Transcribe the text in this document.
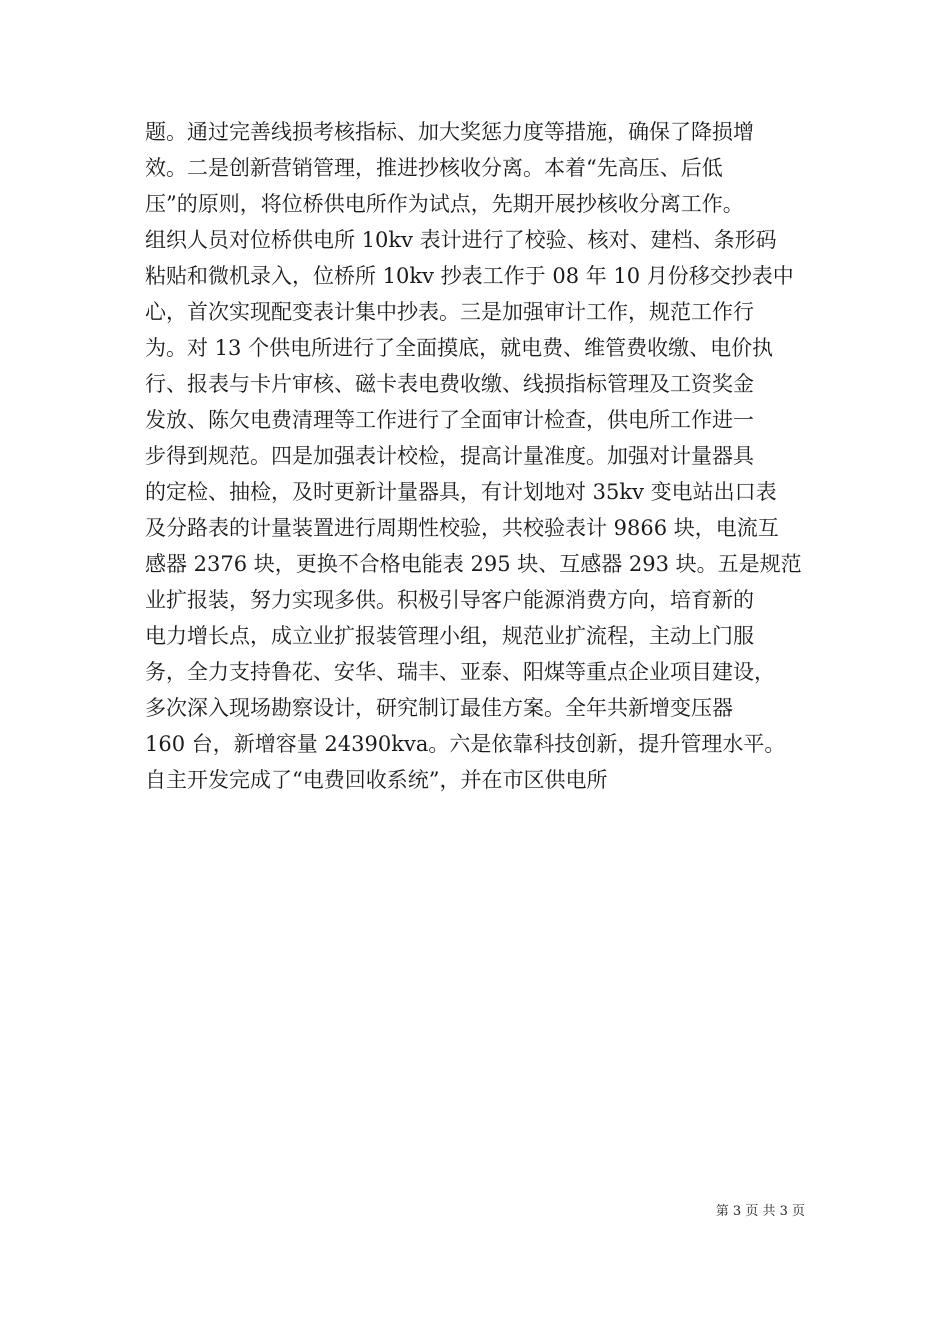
题。通过完善线损考核指标、加大奖惩力度等措施，确保了降损增
效。二是创新营销管理，推进抄核收分离。本着“先高压、后低
压”的原则，将位桥供电所作为试点，先期开展抄核收分离工作。
组织人员对位桥供电所 10kv 表计进行了校验、核对、建档、条形码
粘贴和微机录入，位桥所 10kv 抄表工作于 08 年 10 月份移交抄表中
心，首次实现配变表计集中抄表。三是加强审计工作，规范工作行
为。对 13 个供电所进行了全面摸底，就电费、维管费收缴、电价执
行、报表与卡片审核、磁卡表电费收缴、线损指标管理及工资奖金
发放、陈欠电费清理等工作进行了全面审计检查，供电所工作进一
步得到规范。四是加强表计校检，提高计量准度。加强对计量器具
的定检、抽检，及时更新计量器具，有计划地对 35kv 变电站出口表
及分路表的计量装置进行周期性校验，共校验表计 9866 块，电流互
感器 2376 块，更换不合格电能表 295 块、互感器 293 块。五是规范
业扩报装，努力实现多供。积极引导客户能源消费方向，培育新的
电力增长点，成立业扩报装管理小组，规范业扩流程，主动上门服
务，全力支持鲁花、安华、瑞丰、亚泰、阳煤等重点企业项目建设，
多次深入现场勘察设计，研究制订最佳方案。全年共新增变压器
160 台，新增容量 24390kva。六是依靠科技创新，提升管理水平。
自主开发完成了“电费回收系统”，并在市区供电所
第 3 页 共 3 页
